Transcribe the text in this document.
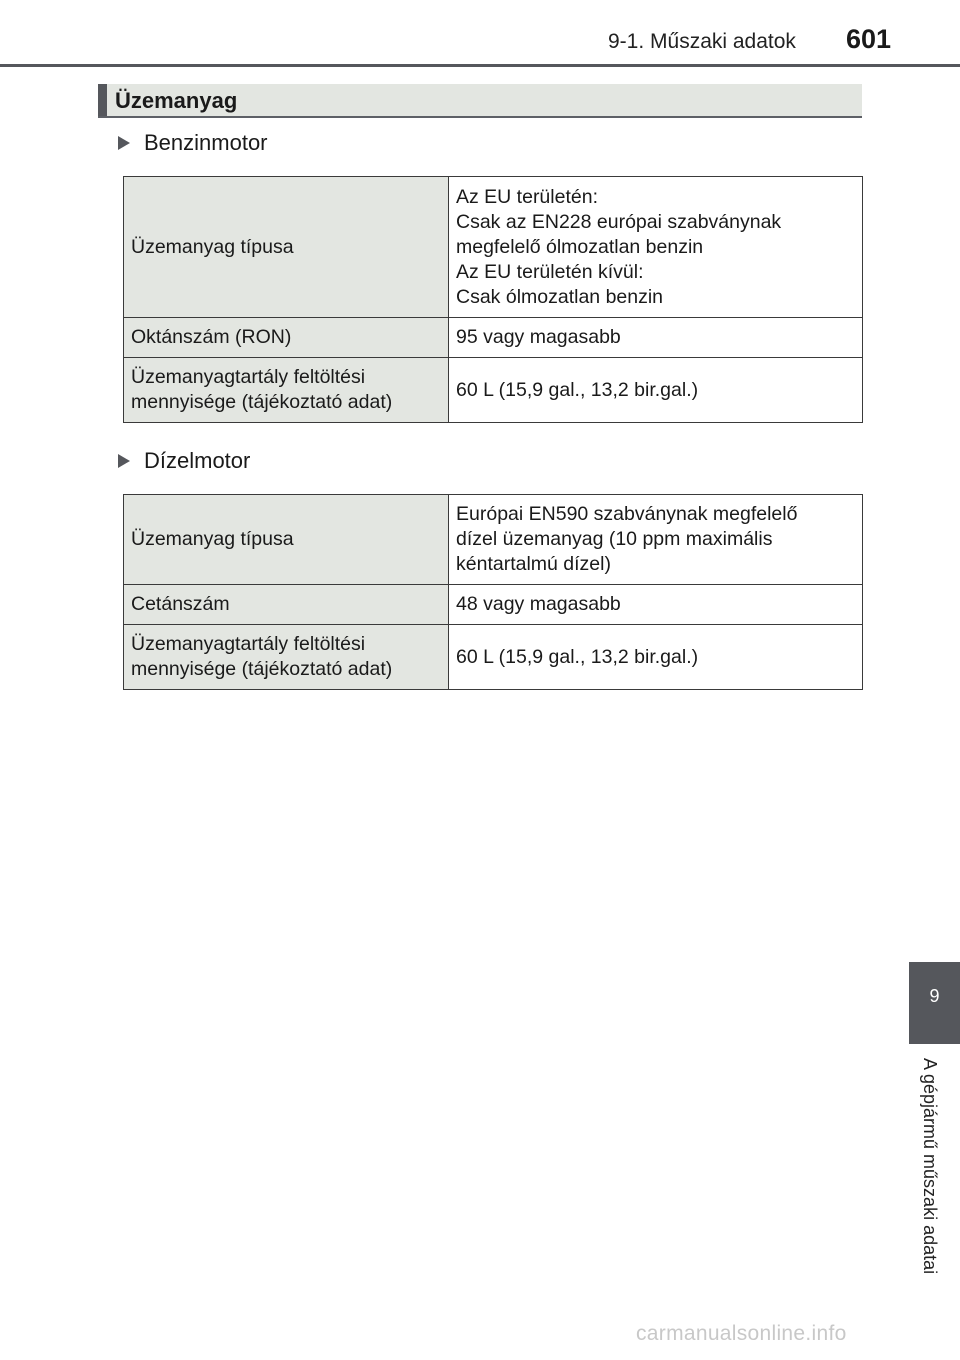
9-1. Műszaki adatok 601
Üzemanyag
Benzinmotor
Üzemanyag típusa	Az EU területén:
Csak az EN228 európai szabványnak
megfelelő ólmozatlan benzin
Az EU területén kívül:
Csak ólmozatlan benzin

Oktánszám (RON)	95 vagy magasabb

Üzemanyagtartály feltöltési
mennyisége (tájékoztató adat)	60 L (15,9 gal., 13,2 bir.gal.)
Dízelmotor
Üzemanyag típusa	Európai EN590 szabványnak megfelelő
dízel üzemanyag (10 ppm maximális
kéntartalmú dízel)

Cetánszám	48 vagy magasabb

Üzemanyagtartály feltöltési
mennyisége (tájékoztató adat)	60 L (15,9 gal., 13,2 bir.gal.)
9
A gépjármű műszaki adatai
carmanualsonline.info
